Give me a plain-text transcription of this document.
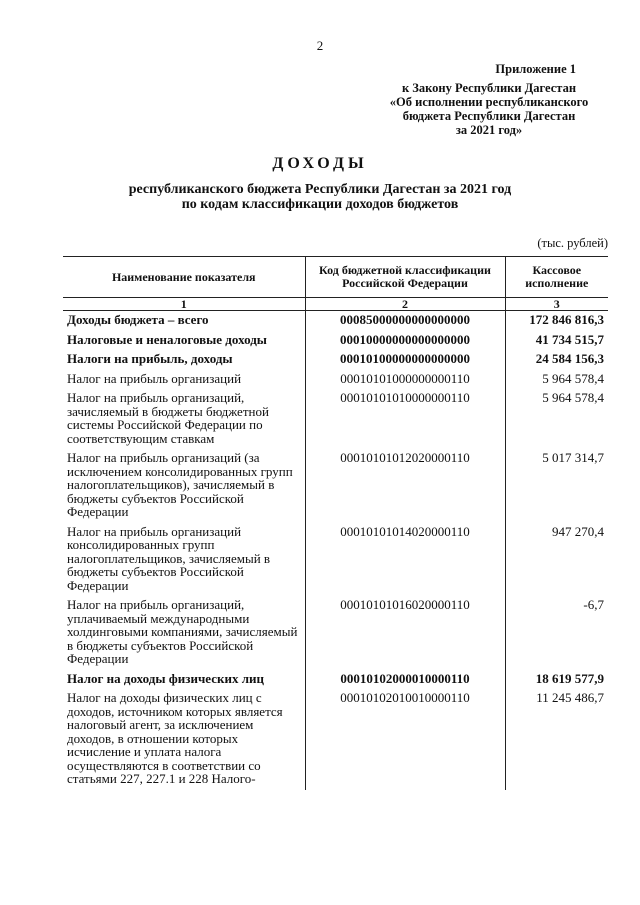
2
Приложение 1
к Закону Республики Дагестан
«Об исполнении республиканского
бюджета Республики Дагестан
за 2021 год»
ДОХОДЫ
республиканского бюджета Республики Дагестан за 2021 год
по кодам классификации доходов бюджетов
(тыс. рублей)
Наименование показателя	Код бюджетной классификации Российской Федерации	Кассовое исполнение
1	2	3
Доходы бюджета – всего	00085000000000000000	172 846 816,3
Налоговые и неналоговые доходы	00010000000000000000	41 734 515,7
Налоги на прибыль, доходы	00010100000000000000	24 584 156,3
Налог на прибыль организаций	00010101000000000110	5 964 578,4
Налог на прибыль организаций, зачисляемый в бюджеты бюджетной системы Российской Федерации по соответствующим ставкам	00010101010000000110	5 964 578,4
Налог на прибыль организаций (за исключением консолидированных групп налогоплательщиков), зачисляемый в бюджеты субъектов Российской Федерации	00010101012020000110	5 017 314,7
Налог на прибыль организаций консолидированных групп налогоплательщиков, зачисляемый в бюджеты субъектов Российской Федерации	00010101014020000110	947 270,4
Налог на прибыль организаций, уплачиваемый международными холдинговыми компаниями, зачисляемый в бюджеты субъектов Российской Федерации	00010101016020000110	-6,7
Налог на доходы физических лиц	00010102000010000110	18 619 577,9
Налог на доходы физических лиц с доходов, источником которых является налоговый агент, за исключением доходов, в отношении которых исчисление и уплата налога осуществляются в соответствии со статьями 227, 227.1 и 228 Налого-	00010102010010000110	11 245 486,7
